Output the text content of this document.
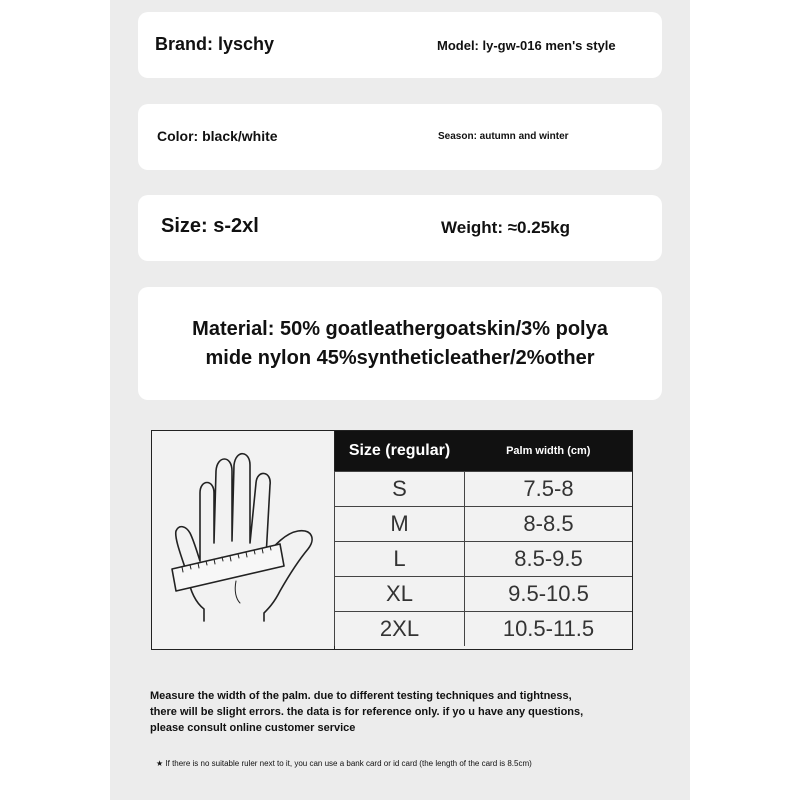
Brand: lyschy	Model: ly-gw-016 men's style
Color: black/white	Season: autumn and winter
Size: s-2xl	Weight: ≈0.25kg
Material: 50% goatleathergoatskin/3% polya
mide nylon 45%syntheticleather/2%other
Size (regular)	Palm width (cm)
S	7.5-8
M	8-8.5
L	8.5-9.5
XL	9.5-10.5
2XL	10.5-11.5
Measure the width of the palm. due to different testing techniques and tightness, there will be slight errors. the data is for reference only. if yo u have any questions, please consult online customer service
★ If there is no suitable ruler next to it, you can use a bank card or id card (the length of the card is 8.5cm)
